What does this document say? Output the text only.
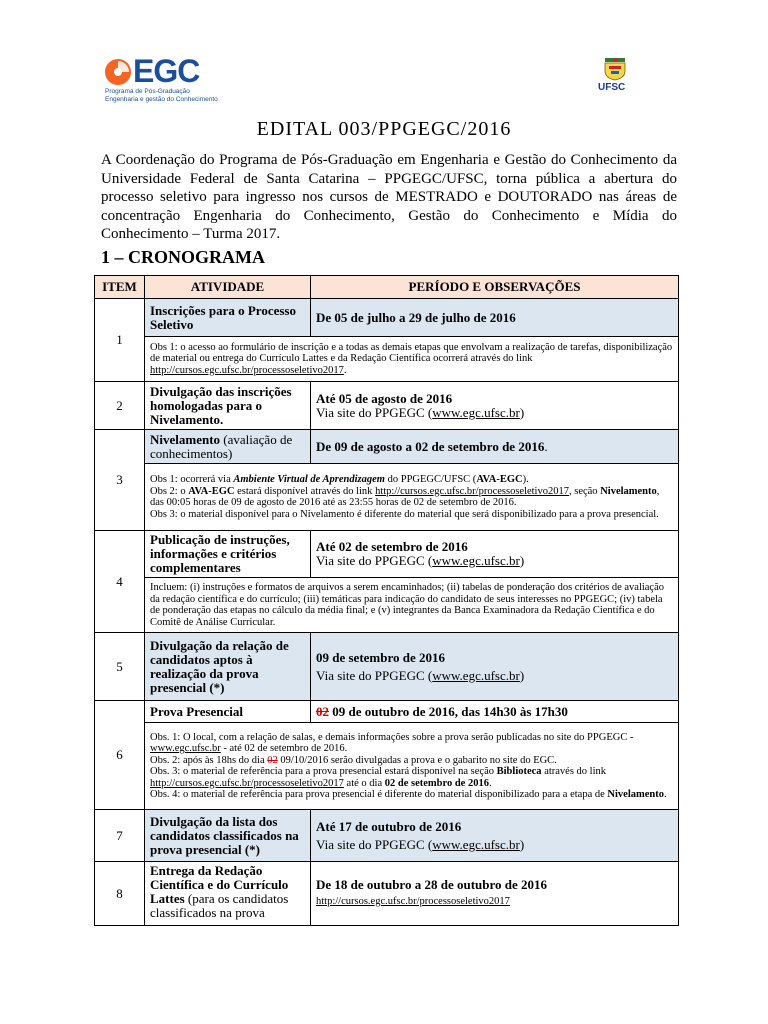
EGC
Programa de Pós-Graduação
Engenharia e gestão do Conhecimento
UFSC
EDITAL 003/PPGEGC/2016
A Coordenação do Programa de Pós-Graduação em Engenharia e Gestão do Conhecimento da Universidade Federal de Santa Catarina – PPGEGC/UFSC, torna pública a abertura do processo seletivo para ingresso nos cursos de MESTRADO e DOUTORADO nas áreas de concentração Engenharia do Conhecimento, Gestão do Conhecimento e Mídia do Conhecimento – Turma 2017.
1 – CRONOGRAMA
ITEM	ATIVIDADE	PERÍODO E OBSERVAÇÕES
1	Inscrições para o Processo Seletivo	De 05 de julho a 29 de julho de 2016
	Obs 1: o acesso ao formulário de inscrição e a todas as demais etapas que envolvam a realização de tarefas, disponibilização de material ou entrega do Currículo Lattes e da Redação Científica ocorrerá através do link http://cursos.egc.ufsc.br/processoseletivo2017.	
2	Divulgação das inscrições homologadas para o Nivelamento.	Até 05 de agosto de 2016
Via site do PPGEGC (www.egc.ufsc.br)

3	Nivelamento (avaliação de conhecimentos)	De 09 de agosto a 02 de setembro de 2016.

	Obs 1: ocorrerá via Ambiente Virtual de Aprendizagem do PPGEGC/UFSC (AVA-EGC).
Obs 2: o AVA-EGC estará disponível através do link http://cursos.egc.ufsc.br/processoseletivo2017, seção Nivelamento, das 00:05 horas de 09 de agosto de 2016 até as 23:55 horas de 02 de setembro de 2016.
Obs 3: o material disponível para o Nivelamento é diferente do material que será disponibilizado para a prova presencial.	

4	Publicação de instruções, informações e critérios complementares	Até 02 de setembro de 2016
Via site do PPGEGC (www.egc.ufsc.br)

	Incluem: (i) instruções e formatos de arquivos a serem encaminhados; (ii) tabelas de ponderação dos critérios de avaliação da redação científica e do currículo; (iii) temáticas para indicação do candidato de seus interesses no PPGEGC; (iv) tabela de ponderação das etapas no cálculo da média final; e (v) integrantes da Banca Examinadora da Redação Científica e do Comitê de Análise Curricular.	
5	Divulgação da relação de candidatos aptos à realização da prova presencial (*)	09 de setembro de 2016
Via site do PPGEGC (www.egc.ufsc.br)

6	Prova Presencial	02 09 de outubro de 2016, das 14h30 às 17h30

	Obs. 1: O local, com a relação de salas, e demais informações sobre a prova serão publicadas no site do PPGEGC - www.egc.ufsc.br - até 02 de setembro de 2016.
Obs. 2: após às 18hs do dia 02 09/10/2016 serão divulgadas a prova e o gabarito no site do EGC.
Obs. 3: o material de referência para a prova presencial estará disponível na seção Biblioteca através do link http://cursos.egc.ufsc.br/processoseletivo2017 até o dia 02 de setembro de 2016.
Obs. 4: o material de referência para prova presencial é diferente do material disponibilizado para a etapa de Nivelamento.	

7	Divulgação da lista dos candidatos classificados na prova presencial (*)	Até 17 de outubro de 2016
Via site do PPGEGC (www.egc.ufsc.br)

8	Entrega da Redação Científica e do Currículo Lattes (para os candidatos classificados na prova	De 18 de outubro a 28 de outubro de 2016
http://cursos.egc.ufsc.br/processoseletivo2017
